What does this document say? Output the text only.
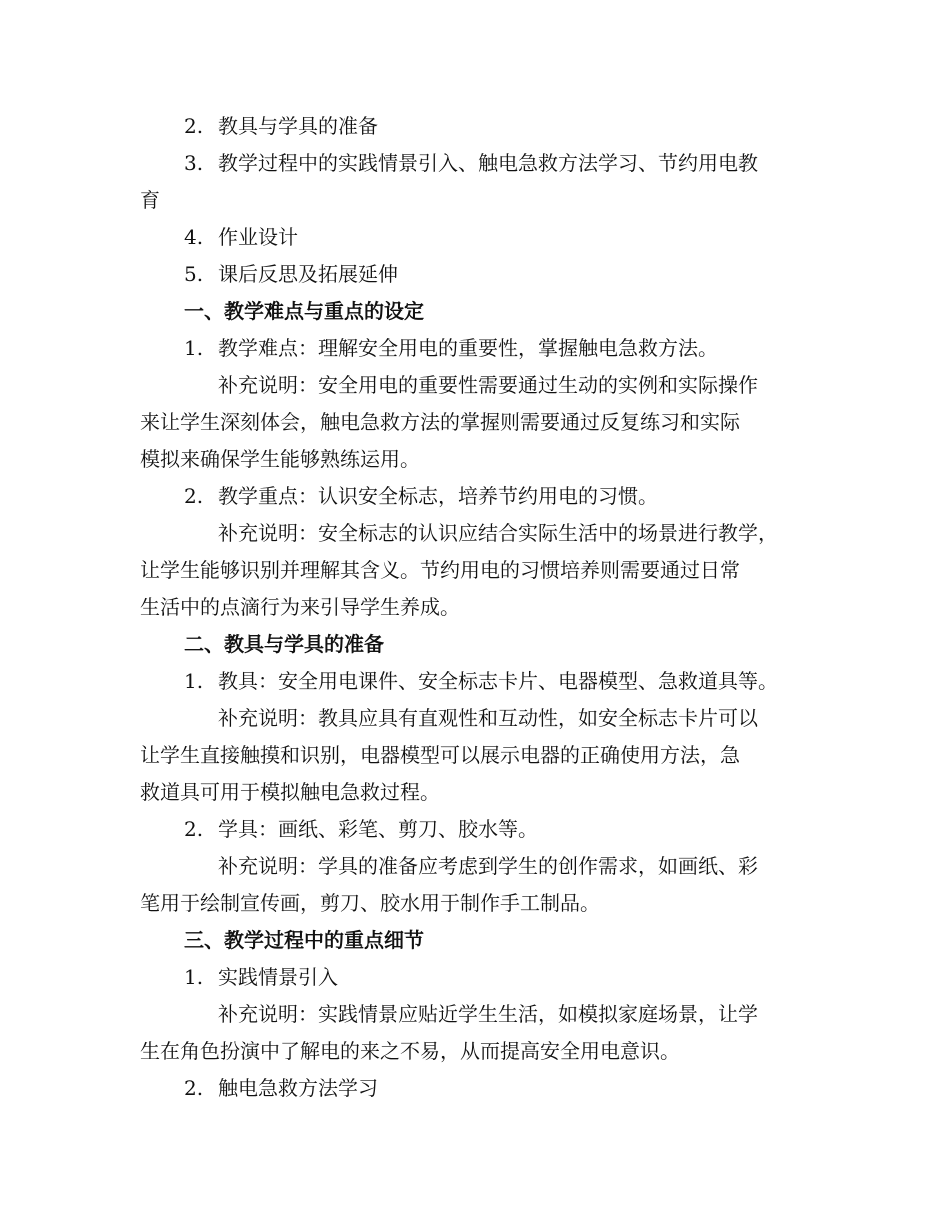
2. 教具与学具的准备
3. 教学过程中的实践情景引入、触电急救方法学习、节约用电教
育
4. 作业设计
5. 课后反思及拓展延伸
一、教学难点与重点的设定
1. 教学难点：理解安全用电的重要性，掌握触电急救方法。
补充说明：安全用电的重要性需要通过生动的实例和实际操作
来让学生深刻体会，触电急救方法的掌握则需要通过反复练习和实际
模拟来确保学生能够熟练运用。
2. 教学重点：认识安全标志，培养节约用电的习惯。
补充说明：安全标志的认识应结合实际生活中的场景进行教学，
让学生能够识别并理解其含义。节约用电的习惯培养则需要通过日常
生活中的点滴行为来引导学生养成。
二、教具与学具的准备
1. 教具：安全用电课件、安全标志卡片、电器模型、急救道具等。
补充说明：教具应具有直观性和互动性，如安全标志卡片可以
让学生直接触摸和识别，电器模型可以展示电器的正确使用方法，急
救道具可用于模拟触电急救过程。
2. 学具：画纸、彩笔、剪刀、胶水等。
补充说明：学具的准备应考虑到学生的创作需求，如画纸、彩
笔用于绘制宣传画，剪刀、胶水用于制作手工制品。
三、教学过程中的重点细节
1. 实践情景引入
补充说明：实践情景应贴近学生生活，如模拟家庭场景，让学
生在角色扮演中了解电的来之不易，从而提高安全用电意识。
2. 触电急救方法学习
